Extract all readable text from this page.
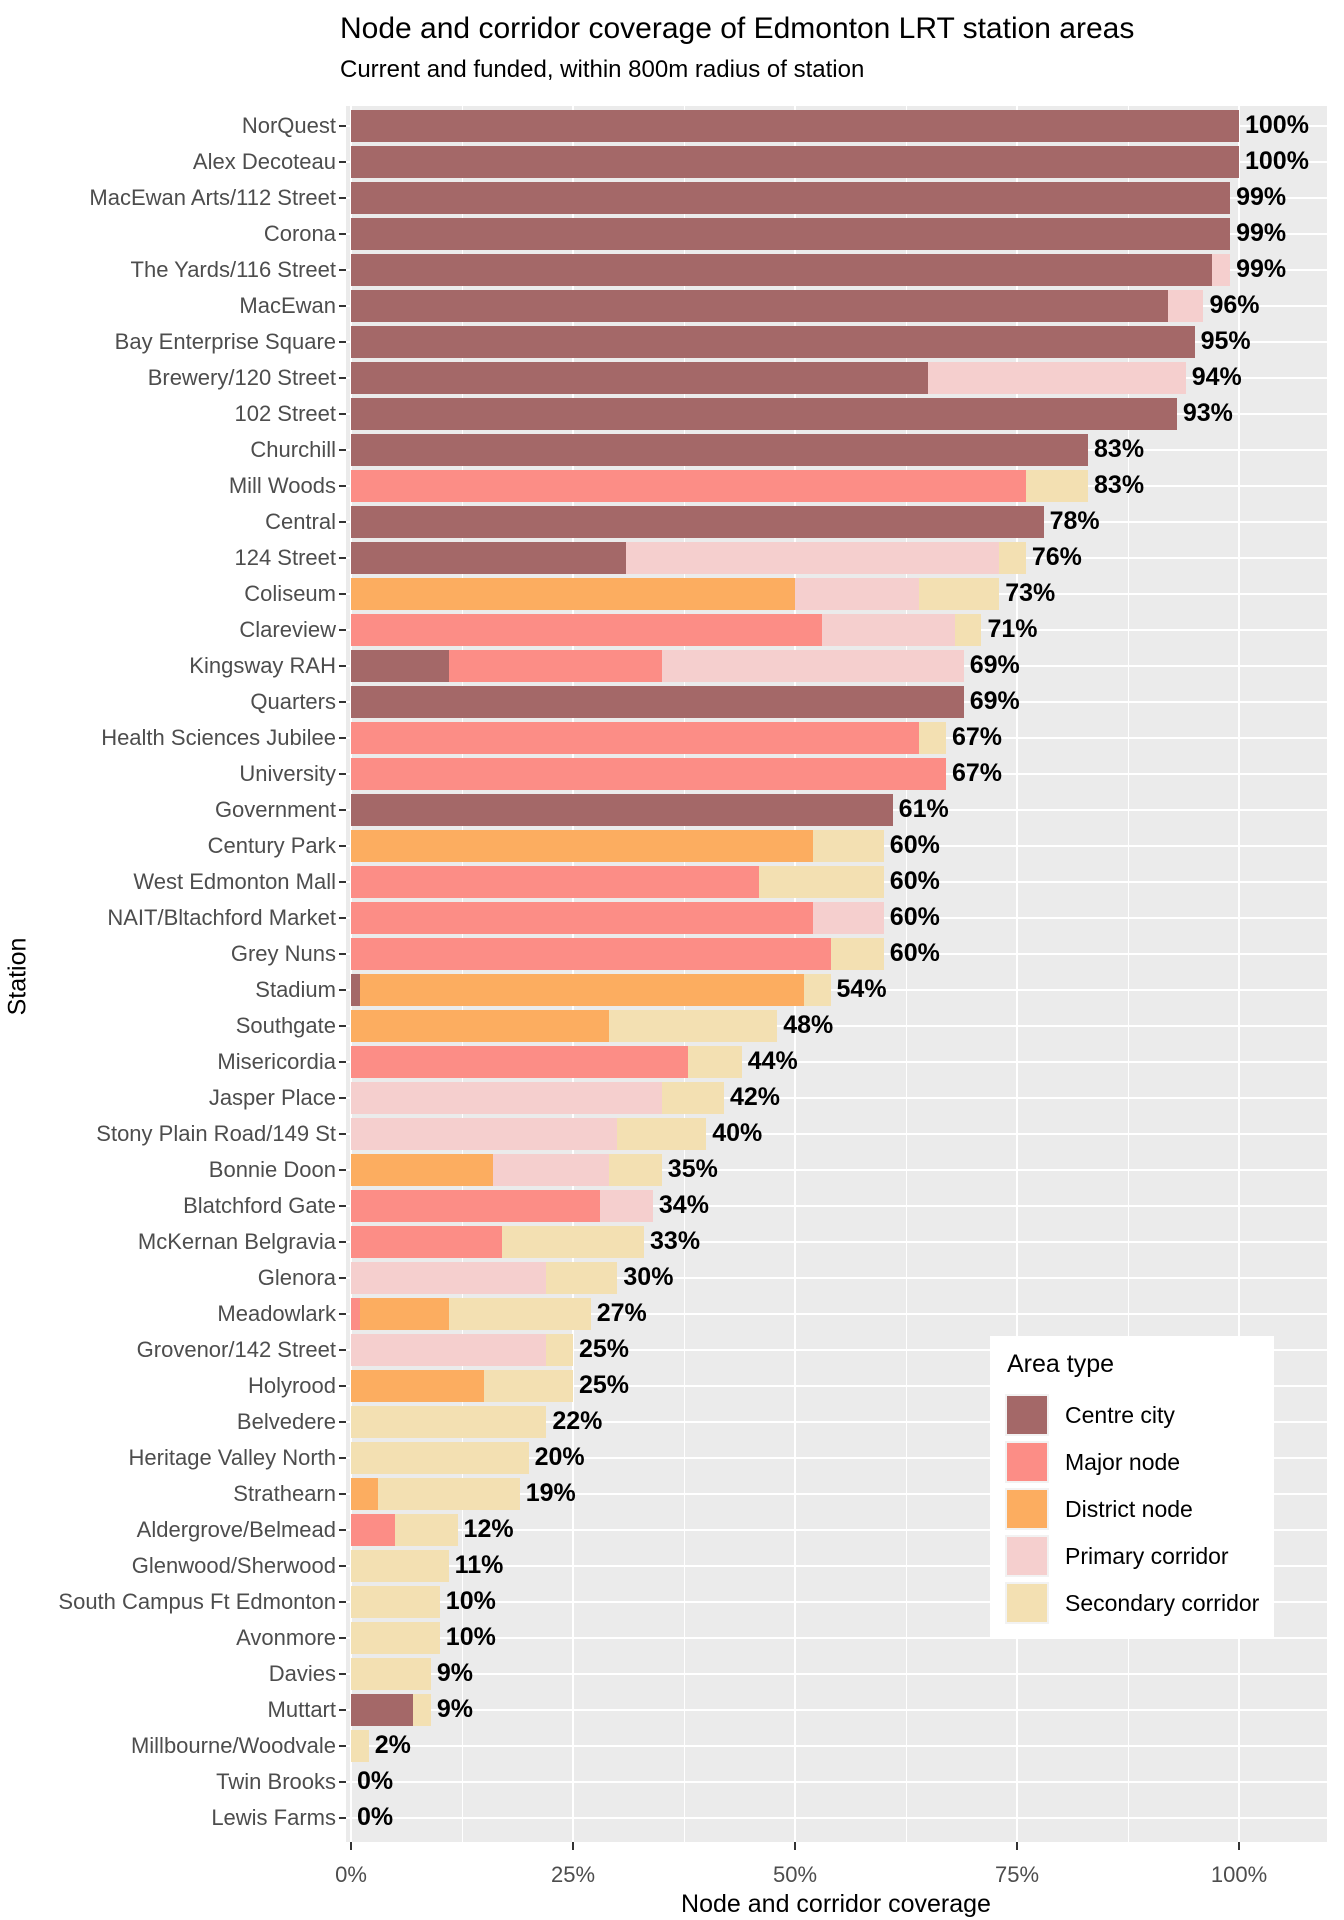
Node and corridor coverage of Edmonton LRT station areas
Current and funded, within 800m radius of station
Station
NorQuest
Alex Decoteau
MacEwan Arts/112 Street
Corona
The Yards/116 Street
MacEwan
Bay Enterprise Square
Brewery/120 Street
102 Street
Churchill
Mill Woods
Central
124 Street
Coliseum
Clareview
Kingsway RAH
Quarters
Health Sciences Jubilee
University
Government
Century Park
West Edmonton Mall
NAIT/Bltachford Market
Grey Nuns
Stadium
Southgate
Misericordia
Jasper Place
Stony Plain Road/149 St
Bonnie Doon
Blatchford Gate
McKernan Belgravia
Glenora
Meadowlark
Grovenor/142 Street
Holyrood
Belvedere
Heritage Valley North
Strathearn
Aldergrove/Belmead
Glenwood/Sherwood
South Campus Ft Edmonton
Avonmore
Davies
Muttart
Millbourne/Woodvale
Twin Brooks
Lewis Farms
0%	25%	50%	75%	100%
Node and corridor coverage
Area type
Centre city
Major node
District node
Primary corridor
Secondary corridor
100%
100%
99%
99%
99%
96%
95%
94%
93%
83%
83%
78%
76%
73%
71%
69%
69%
67%
67%
61%
60%
60%
60%
60%
54%
48%
44%
42%
40%
35%
34%
33%
30%
27%
25%
25%
22%
20%
19%
12%
11%
10%
10%
9%
9%
2%
0%
0%
